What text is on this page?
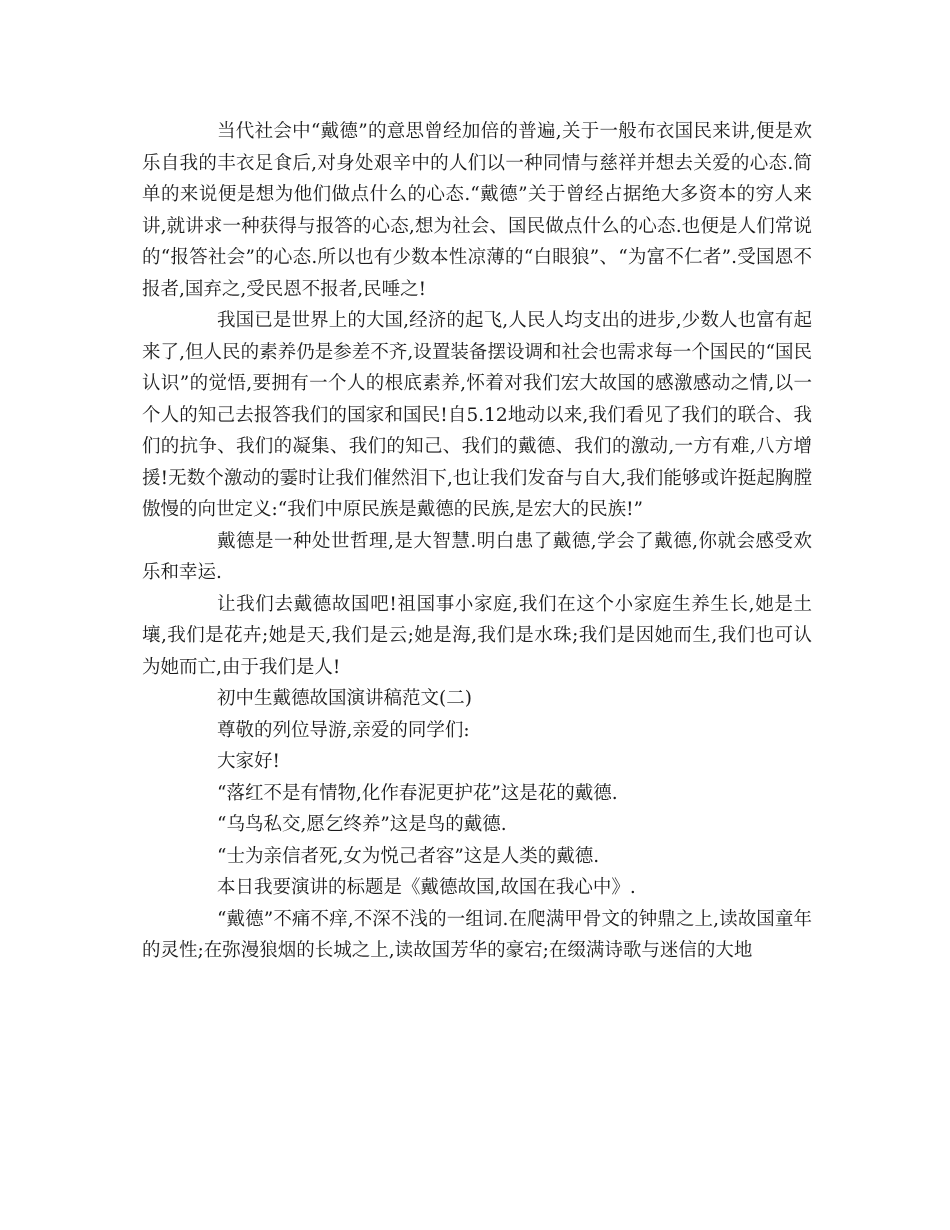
当代社会中“戴德”的意思曾经加倍的普遍,关于一般布衣国民来讲,便是欢乐自我的丰衣足食后,对身处艰辛中的人们以一种同情与慈祥并想去关爱的心态.简单的来说便是想为他们做点什么的心态.“戴德”关于曾经占据绝大多资本的穷人来讲,就讲求一种获得与报答的心态,想为社会、国民做点什么的心态.也便是人们常说的“报答社会”的心态.所以也有少数本性凉薄的“白眼狼”、“为富不仁者”.受国恩不报者,国弃之,受民恩不报者,民唾之!

我国已是世界上的大国,经济的起飞,人民人均支出的进步,少数人也富有起来了,但人民的素养仍是参差不齐,设置装备摆设调和社会也需求每一个国民的“国民认识”的觉悟,要拥有一个人的根底素养,怀着对我们宏大故国的感激感动之情,以一个人的知己去报答我们的国家和国民!自5.12地动以来,我们看见了我们的联合、我们的抗争、我们的凝集、我们的知己、我们的戴德、我们的激动,一方有难,八方增援!无数个激动的霎时让我们催然泪下,也让我们发奋与自大,我们能够或许挺起胸膛傲慢的向世定义:“我们中原民族是戴德的民族,是宏大的民族!”

戴德是一种处世哲理,是大智慧.明白患了戴德,学会了戴德,你就会感受欢乐和幸运.

让我们去戴德故国吧!祖国事小家庭,我们在这个小家庭生养生长,她是土壤,我们是花卉;她是天,我们是云;她是海,我们是水珠;我们是因她而生,我们也可认为她而亡,由于我们是人!

初中生戴德故国演讲稿范文(二)

尊敬的列位导游,亲爱的同学们:

大家好!

“落红不是有情物,化作春泥更护花”这是花的戴德.

“乌鸟私交,愿乞终养”这是鸟的戴德.

“士为亲信者死,女为悦己者容”这是人类的戴德.

本日我要演讲的标题是《戴德故国,故国在我心中》.

“戴德”不痛不痒,不深不浅的一组词.在爬满甲骨文的钟鼎之上,读故国童年的灵性;在弥漫狼烟的长城之上,读故国芳华的豪宕;在缀满诗歌与迷信的大地
